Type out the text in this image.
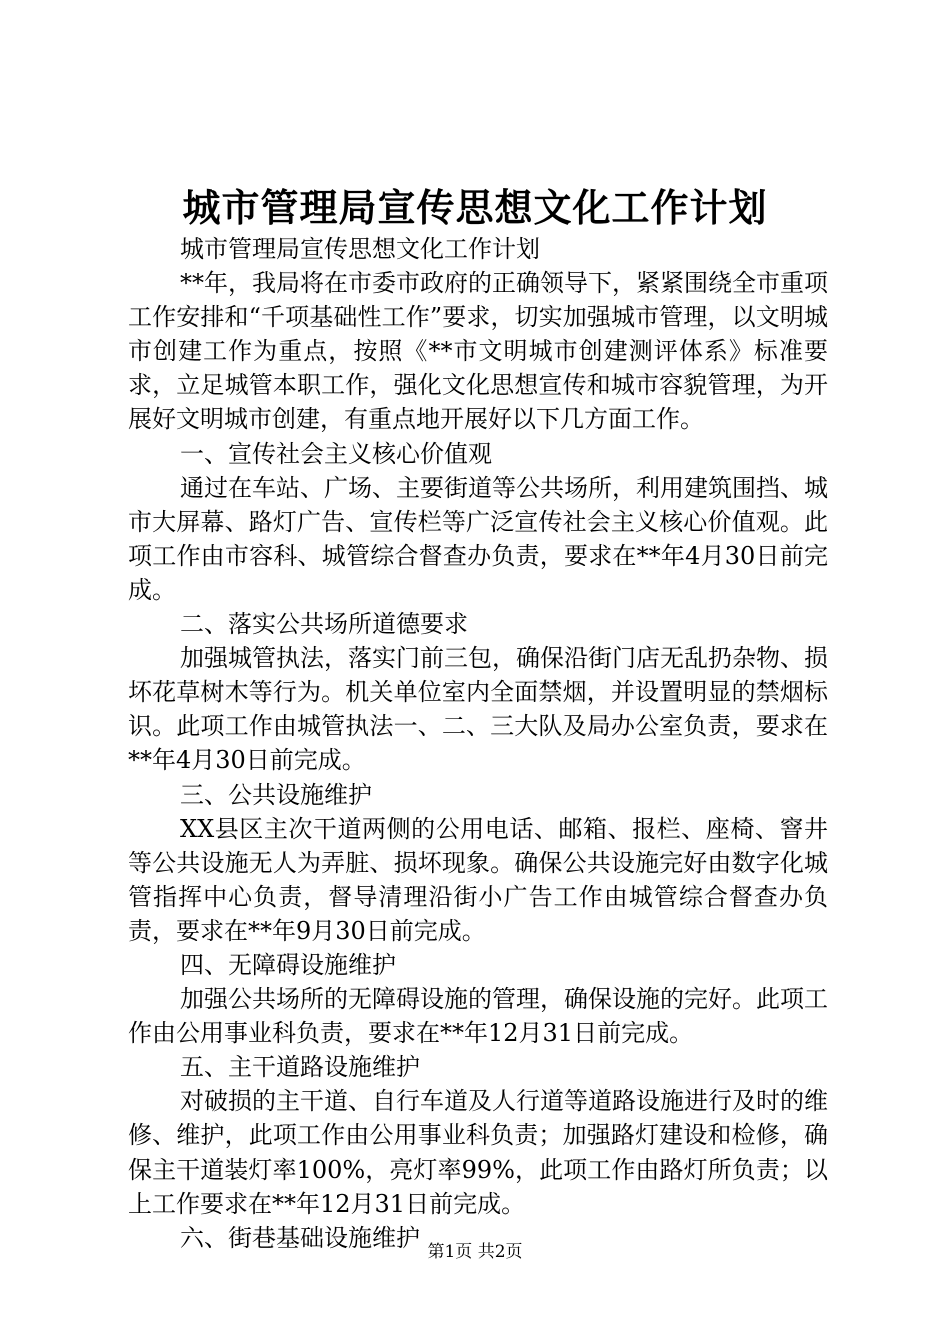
城市管理局宣传思想文化工作计划

城市管理局宣传思想文化工作计划

**年，我局将在市委市政府的正确领导下，紧紧围绕全市重项工作安排和“千项基础性工作”要求，切实加强城市管理，以文明城市创建工作为重点，按照《**市文明城市创建测评体系》标准要求，立足城管本职工作，强化文化思想宣传和城市容貌管理，为开展好文明城市创建，有重点地开展好以下几方面工作。

一、宣传社会主义核心价值观

通过在车站、广场、主要街道等公共场所，利用建筑围挡、城市大屏幕、路灯广告、宣传栏等广泛宣传社会主义核心价值观。此项工作由市容科、城管综合督查办负责，要求在**年4月30日前完成。

二、落实公共场所道德要求

加强城管执法，落实门前三包，确保沿街门店无乱扔杂物、损坏花草树木等行为。机关单位室内全面禁烟，并设置明显的禁烟标识。此项工作由城管执法一、二、三大队及局办公室负责，要求在**年4月30日前完成。

三、公共设施维护

XX县区主次干道两侧的公用电话、邮箱、报栏、座椅、窨井等公共设施无人为弄脏、损坏现象。确保公共设施完好由数字化城管指挥中心负责，督导清理沿街小广告工作由城管综合督查办负责，要求在**年9月30日前完成。

四、无障碍设施维护

加强公共场所的无障碍设施的管理，确保设施的完好。此项工作由公用事业科负责，要求在**年12月31日前完成。

五、主干道路设施维护

对破损的主干道、自行车道及人行道等道路设施进行及时的维修、维护，此项工作由公用事业科负责；加强路灯建设和检修，确保主干道装灯率100%，亮灯率99%，此项工作由路灯所负责；以上工作要求在**年12月31日前完成。

六、街巷基础设施维护

第1页 共2页
